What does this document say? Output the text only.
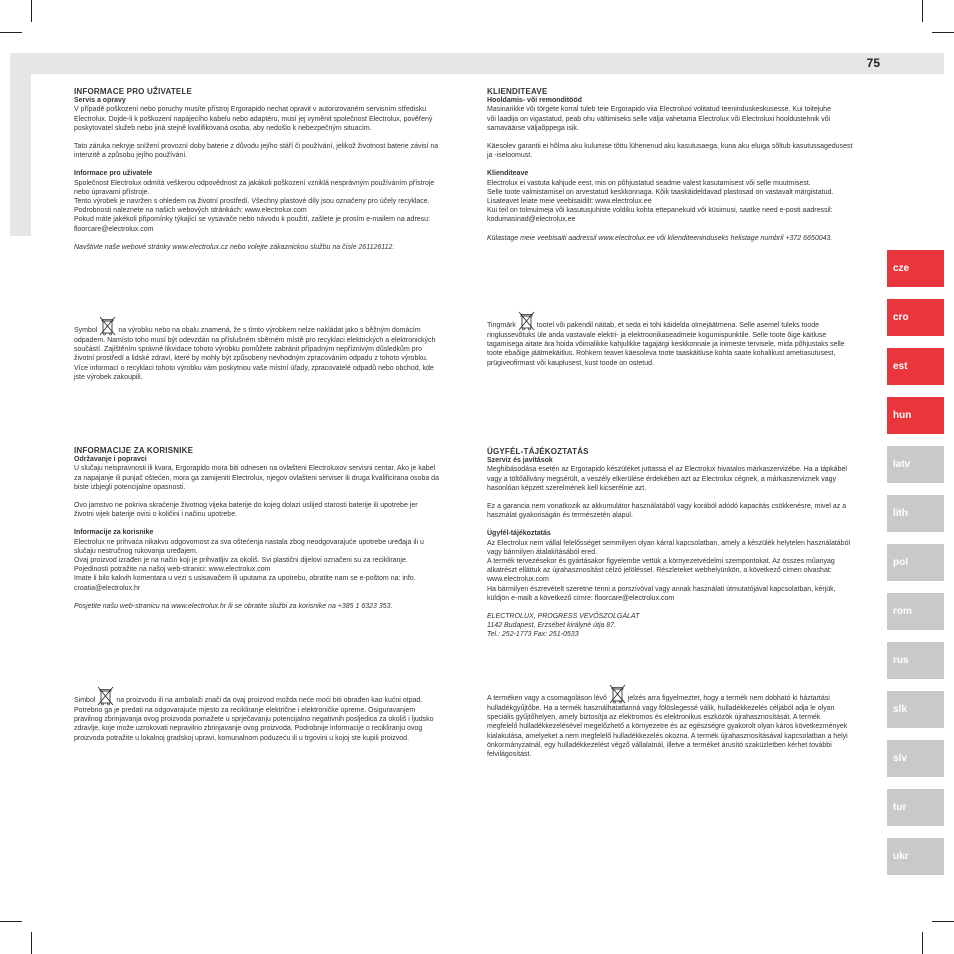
75

INFORMACE PRO UŽIVATELE

Servis a opravy

V případě poškození nebo poruchy musíte přístroj Ergorapido nechat opravit v autorizovaném servisním středisku
Electrolux. Dojde-li k poškození napájecího kabelu nebo adaptéru, musí jej vyměnit společnost Electrolux, pověřený
poskytovatel služeb nebo jiná stejně kvalifikovaná osoba, aby nedošlo k nebezpečným situacím.

Tato záruka nekryje snížení provozní doby baterie z důvodu jejího stáří či používání, jelikož životnost baterie závisí na
intenzitě a způsobu jejího používání.

Informace pro uživatele

Společnost Electrolux odmítá veškerou odpovědnost za jakákoli poškození vzniklá nesprávným používáním přístroje
nebo úpravami přístroje.
Tento výrobek je navržen s ohledem na životní prostředí. Všechny plastové díly jsou označeny pro účely recyklace.
Podrobnosti naleznete na našich webových stránkách: www.electrolux.com
Pokud máte jakékoli připomínky týkající se vysavače nebo návodu k použití, zašlete je prosím e-mailem na adresu:
floorcare@electrolux.com

Navštivte naše webové stránky www.electrolux.cz nebo volejte zákaznickou službu na čísle 261126112.

Symbol	na výrobku nebo na obalu znamená, že s tímto výrobkem nelze nakládat jako s běžným domácím
odpadem. Namísto toho musí být odevzdán na příslušném sběrném místě pro recyklaci elektrických a elektronických
součástí. Zajištěním správné likvidace tohoto výrobku pomůžete zabránit případným nepříznivým důsledkům pro
životní prostředí a lidské zdraví, které by mohly být způsobeny nevhodným zpracováním odpadu z tohoto výrobku.
Více informací o recyklaci tohoto výrobku vám poskytnou vaše místní úřady, zpracovatelé odpadů nebo obchod, kde
jste výrobek zakoupili.

KLIENDITEAVE

Hooldamis- või remonditööd

Masinarikke või törgete korral tuleb teie Ergorapido viia Electroluxi volitatud teeninduskeskusesse. Kui toitejuhe
või laadija on vigastatud, peab ohu vältimiseks selle välja vahetama Electrolux või Electroluxi hooldustehnik või
samaväärse väljaõppega isik.

Käesolev garantii ei hõlma aku kulumise tõttu lühenenud aku kasutusaega, kuna aku eluiga sõltub kasutussagedusest
ja -iseloomust.

Klienditeave

Electrolux ei vastuta kahjude eest, mis on põhjustatud seadme valest kasutamisest või selle muutmisest.
Selle toote valmistamisel on arvestatud keskkonnaga. Kõik taaskäideldavad plastosad on vastavalt märgistatud.
Lisateavet leiate meie veebisaidilt: www.electrolux.ee
Kui teil on tolmuimeja või kasutusjuhiste voldiku kohta ettepanekuid või küsimusi, saatke need e-posti aadressil:
kodumasinad@electrolux.ee

Külastage meie veebisaiti aadressil www.electrolux.ee või klienditeeninduseks helistage numbril +372 6650043.

Tingmärk	tootel või pakendil näitab, et seda ei tohi käidelda olmejäätmena. Selle asemel tuleks toode
ringlussevõtuks üle anda vastavale elektri- ja elektroonikaseadmete kogumispunktile. Selle toote õige käitluse
tagamisega aitate ära hoida võimalikke kahjulikke tagajärgi keskkonnale ja inimeste tervisele, mida põhjustaks selle
toote ebaõige jäätmekäitlus. Rohkem teavet käesoleva toote taaskäitluse kohta saate kohalikust ametiasutusest,
prügiveofirmast või kauplusest, kust toode on ostetud.

INFORMACIJE ZA KORISNIKE

Održavanje i popravci

U slučaju neispravnosti ili kvara, Ergorapido mora biti odnesen na ovlašteni Electroluxov servisni centar. Ako je kabel
za napajanje ili punjač oštećen, mora ga zamijeniti Electrolux, njegov ovlašteni serviser ili druga kvalificirana osoba da
biste izbjegli potencijalne opasnosti.

Ovo jamstvo ne pokriva skraćenje životnog vijeka baterije do kojeg dolazi uslijed starosti baterije ili upotrebe jer
životni vijek baterije ovisi o količini i načinu upotrebe.

Informacije za korisnike

Electrolux ne prihvaća nikakvu odgovornost za sva oštećenja nastala zbog neodgovarajuće upotrebe uređaja ili u
slučaju nestručnog rukovanja uređajem.
Ovaj proizvod izrađen je na način koji je prihvatljiv za okoliš. Svi plastični dijelovi označeni su za recikliranje.
Pojedinosti potražite na našoj web-stranici: www.electrolux.com
Imate li bilo kakvih komentara u vezi s usisavačem ili uputama za upotrebu, obratite nam se e-poštom na: info.
croatia@electrolux.hr

Posjetite našu web-stranicu na www.electrolux.hr ili se obratite službi za korisnike na +385 1 6323 353.

Simbol	na proizvodu ili na ambalaži znači da ovaj proizvod možda neće moći biti obrađen kao kućni otpad.
Potrebno ga je predati na odgovarajuće mjesto za recikliranje električne i elektroničke opreme. Osiguravanjem
pravilnog zbrinjavanja ovog proizvoda pomažete u sprječavanju potencijalno negativnih posljedica za okoliš i ljudsko
zdravlje, koje može uzrokovati nepravilno zbrinjavanje ovog proizvoda. Podrobnije informacije o recikliranju ovog
proizvoda potražite u lokalnoj gradskoj upravi, komunalnom poduzeću ili u trgovini u kojoj ste kupili proizvod.

ÜGYFÉL-TÁJÉKOZTATÁS

Szerviz és javítások

Meghibásodása esetén az Ergorapido készüléket juttassa el az Electrolux hivatalos márkaszervizébe. Ha a tápkábel
vagy a töltőállvány megsérült, a veszély elkerülése érdekében azt az Electrolux cégnek, a márkaszerviznek vagy
hasonlóan képzett szerelmének kell kicserélnie azt.

Ez a garancia nem vonatkozik az akkumulátor használatából vagy korából adódó kapacitás csökkenésre, mivel az a
használat gyakoriságán és természetén alapul.

Ügyfél-tájékoztatás

Az Electrolux nem vállal felelősséget semmilyen olyan kárral kapcsolatban, amely a készülék helytelen használatából
vagy bármilyen átalakításából ered.
A termék tervezésekor és gyártásakor figyelembe vettük a környezetvédelmi szempontokat. Az összes műanyag
alkatrészt elláttuk az újrahasznosítást célzó jelöléssel. Részleteket webhelyünkön, a következő címen olvashat:
www.electrolux.com
Ha bármilyen észrevételt szeretne tenni a porszívóval vagy annak használati útmutatójával kapcsolatban, kérjük,
küldjön e-mailt a következő címre: floorcare@electrolux.com

ELECTROLUX, PROGRESS VEVŐSZOLGÁLAT
1142 Budapest, Erzsébet királyné útja 87.
Tel.: 252-1773 Fax: 251-0533

A terméken vagy a csomagoláson lévő	jelzés arra figyelmeztet, hogy a termék nem dobható ki háztartási
hulladékgyűjtőbe. Ha a termék használhatatlanná vagy fölöslegessé válik, hulladékkezelés céljából adja le olyan
speciális gyűjtőhelyen, amely biztosítja az elektromos és elektronikus eszközök újrahasznosítását. A termék
megfelelő hulladékkezelésével megelőzhető a környezetre és az egészségre gyakorolt olyan káros következmények
kialakulása, amelyeket a nem megfelelő hulladékkezelés okozna. A termék újrahasznosításával kapcsolatban a helyi
önkormányzatnál, egy hulladékkezelést végző vállalatnál, illetve a terméket árusító szaküzletben kérhet további
felvilágosítást.

cze
cro
est
hun
latv
lith
pol
rom
rus
slk
slv
tur
ukr
